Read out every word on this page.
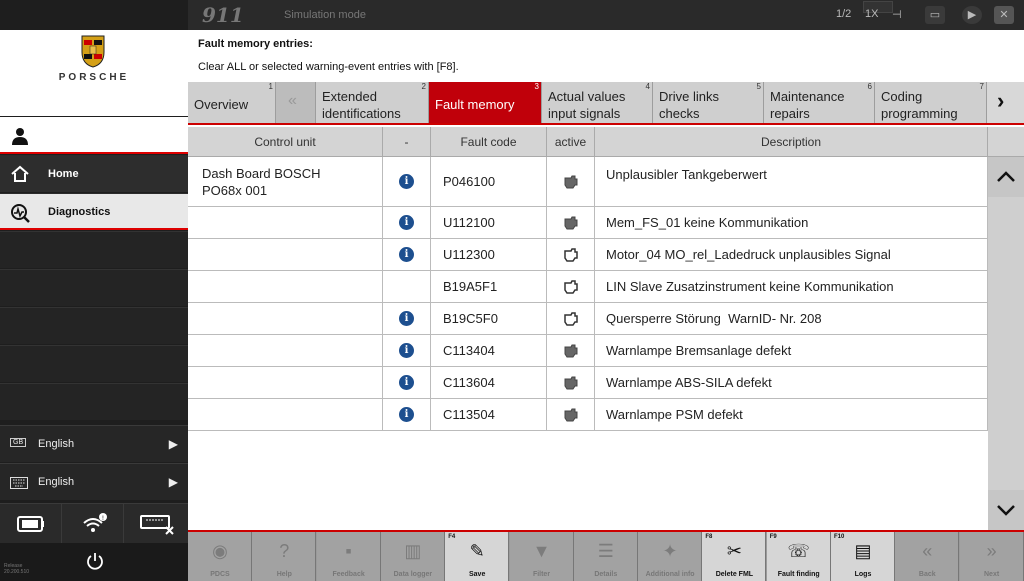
PORSCHE
Home
Diagnostics
GB English	▶
English	▶
!
Release
20.200.510
911	Simulation mode	1/2 1X ⊣	▭	▶	✕
Fault memory entries:
Clear ALL or selected warning-event entries with [F8].
Overview
1
« Extended identifications
2
Fault memory
3
Actual values input signals
4
Drive links checks
5
Maintenance repairs
6
Coding programming
7
›
Control unit	-	Fault code	active	Description
Dash Board BOSCH PO68x 001
i	P046100	Unplausibler Tankgeberwert
i	U112100	Mem_FS_01 keine Kommunikation
i	U112300	Motor_04 MO_rel_Ladedruck unplausibles Signal
B19A5F1	LIN Slave Zusatzinstrument keine Kommunikation
i	B19C5F0	Quersperre Störung  WarnID- Nr. 208
i	C113404	Warnlampe Bremsanlage defekt
i	C113604	Warnlampe ABS-SILA defekt
i	C113504	Warnlampe PSM defekt
◉
PDCS
?
Help
▪
Feedback
▥
Data logger
F4
✎
Save
▼
Filter
☰
Details
✦
Additional info
F8
✂
Delete FML
F9
☏
Fault finding
F10
▤
Logs
«
Back
»
Next
